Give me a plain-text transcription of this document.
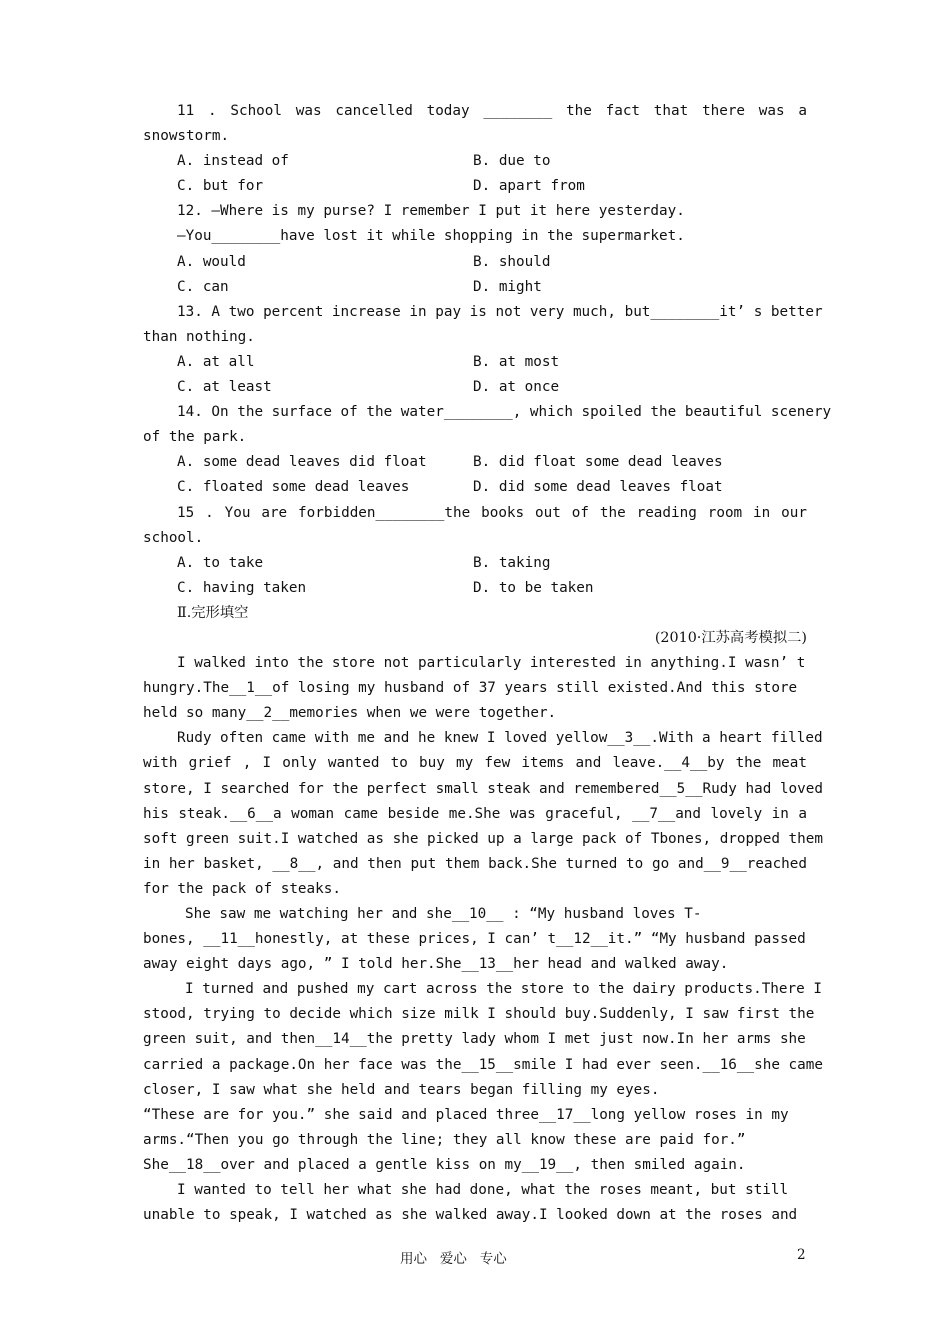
11 . School was cancelled today ________ the fact that there was a
snowstorm.
A. instead of	B. due to
C. but for	D. apart from
12. —Where is my purse? I remember I put it here yesterday.
—You________have lost it while shopping in the supermarket.
A. would	B. should
C. can	D. might
13. A two percent increase in pay is not very much, but________it’ s better
than nothing.
A. at all	B. at most
C. at least	D. at once
14. On the surface of the water________, which spoiled the beautiful scenery
of the park.
A. some dead leaves did float	B. did float some dead leaves
C. floated some dead leaves	D. did some dead leaves float
15 . You are forbidden________the books out of the reading room in our
school.
A. to take	B. taking
C. having taken	D. to be taken
Ⅱ.完形填空
(2010·江苏高考模拟二)
I walked into the store not particularly interested in anything.I wasn’ t
hungry.The__1__of losing my husband of 37 years still existed.And this store
held so many__2__memories when we were together.
Rudy often came with me and he knew I loved yellow__3__.With a heart filled
with grief , I only wanted to buy my few items and leave.__4__by the meat
store, I searched for the perfect small steak and remembered__5__Rudy had loved
his steak.__6__a woman came beside me.She was graceful, __7__and lovely in a
soft green suit.I watched as she picked up a large pack of Tbones, dropped them
in her basket, __8__, and then put them back.She turned to go and__9__reached
for the pack of steaks.
She saw me watching her and she__10__ : “My husband loves T-
bones, __11__honestly, at these prices, I can’ t__12__it.” “My husband passed
away eight days ago, ” I told her.She__13__her head and walked away.
I turned and pushed my cart across the store to the dairy products.There I
stood, trying to decide which size milk I should buy.Suddenly, I saw first the
green suit, and then__14__the pretty lady whom I met just now.In her arms she
carried a package.On her face was the__15__smile I had ever seen.__16__she came
closer, I saw what she held and tears began filling my eyes.
“These are for you.” she said and placed three__17__long yellow roses in my
arms.“Then you go through the line; they all know these are paid for.”
She__18__over and placed a gentle kiss on my__19__, then smiled again.
I wanted to tell her what she had done, what the roses meant, but still
unable to speak, I watched as she walked away.I looked down at the roses and
用心   爱心   专心	2
